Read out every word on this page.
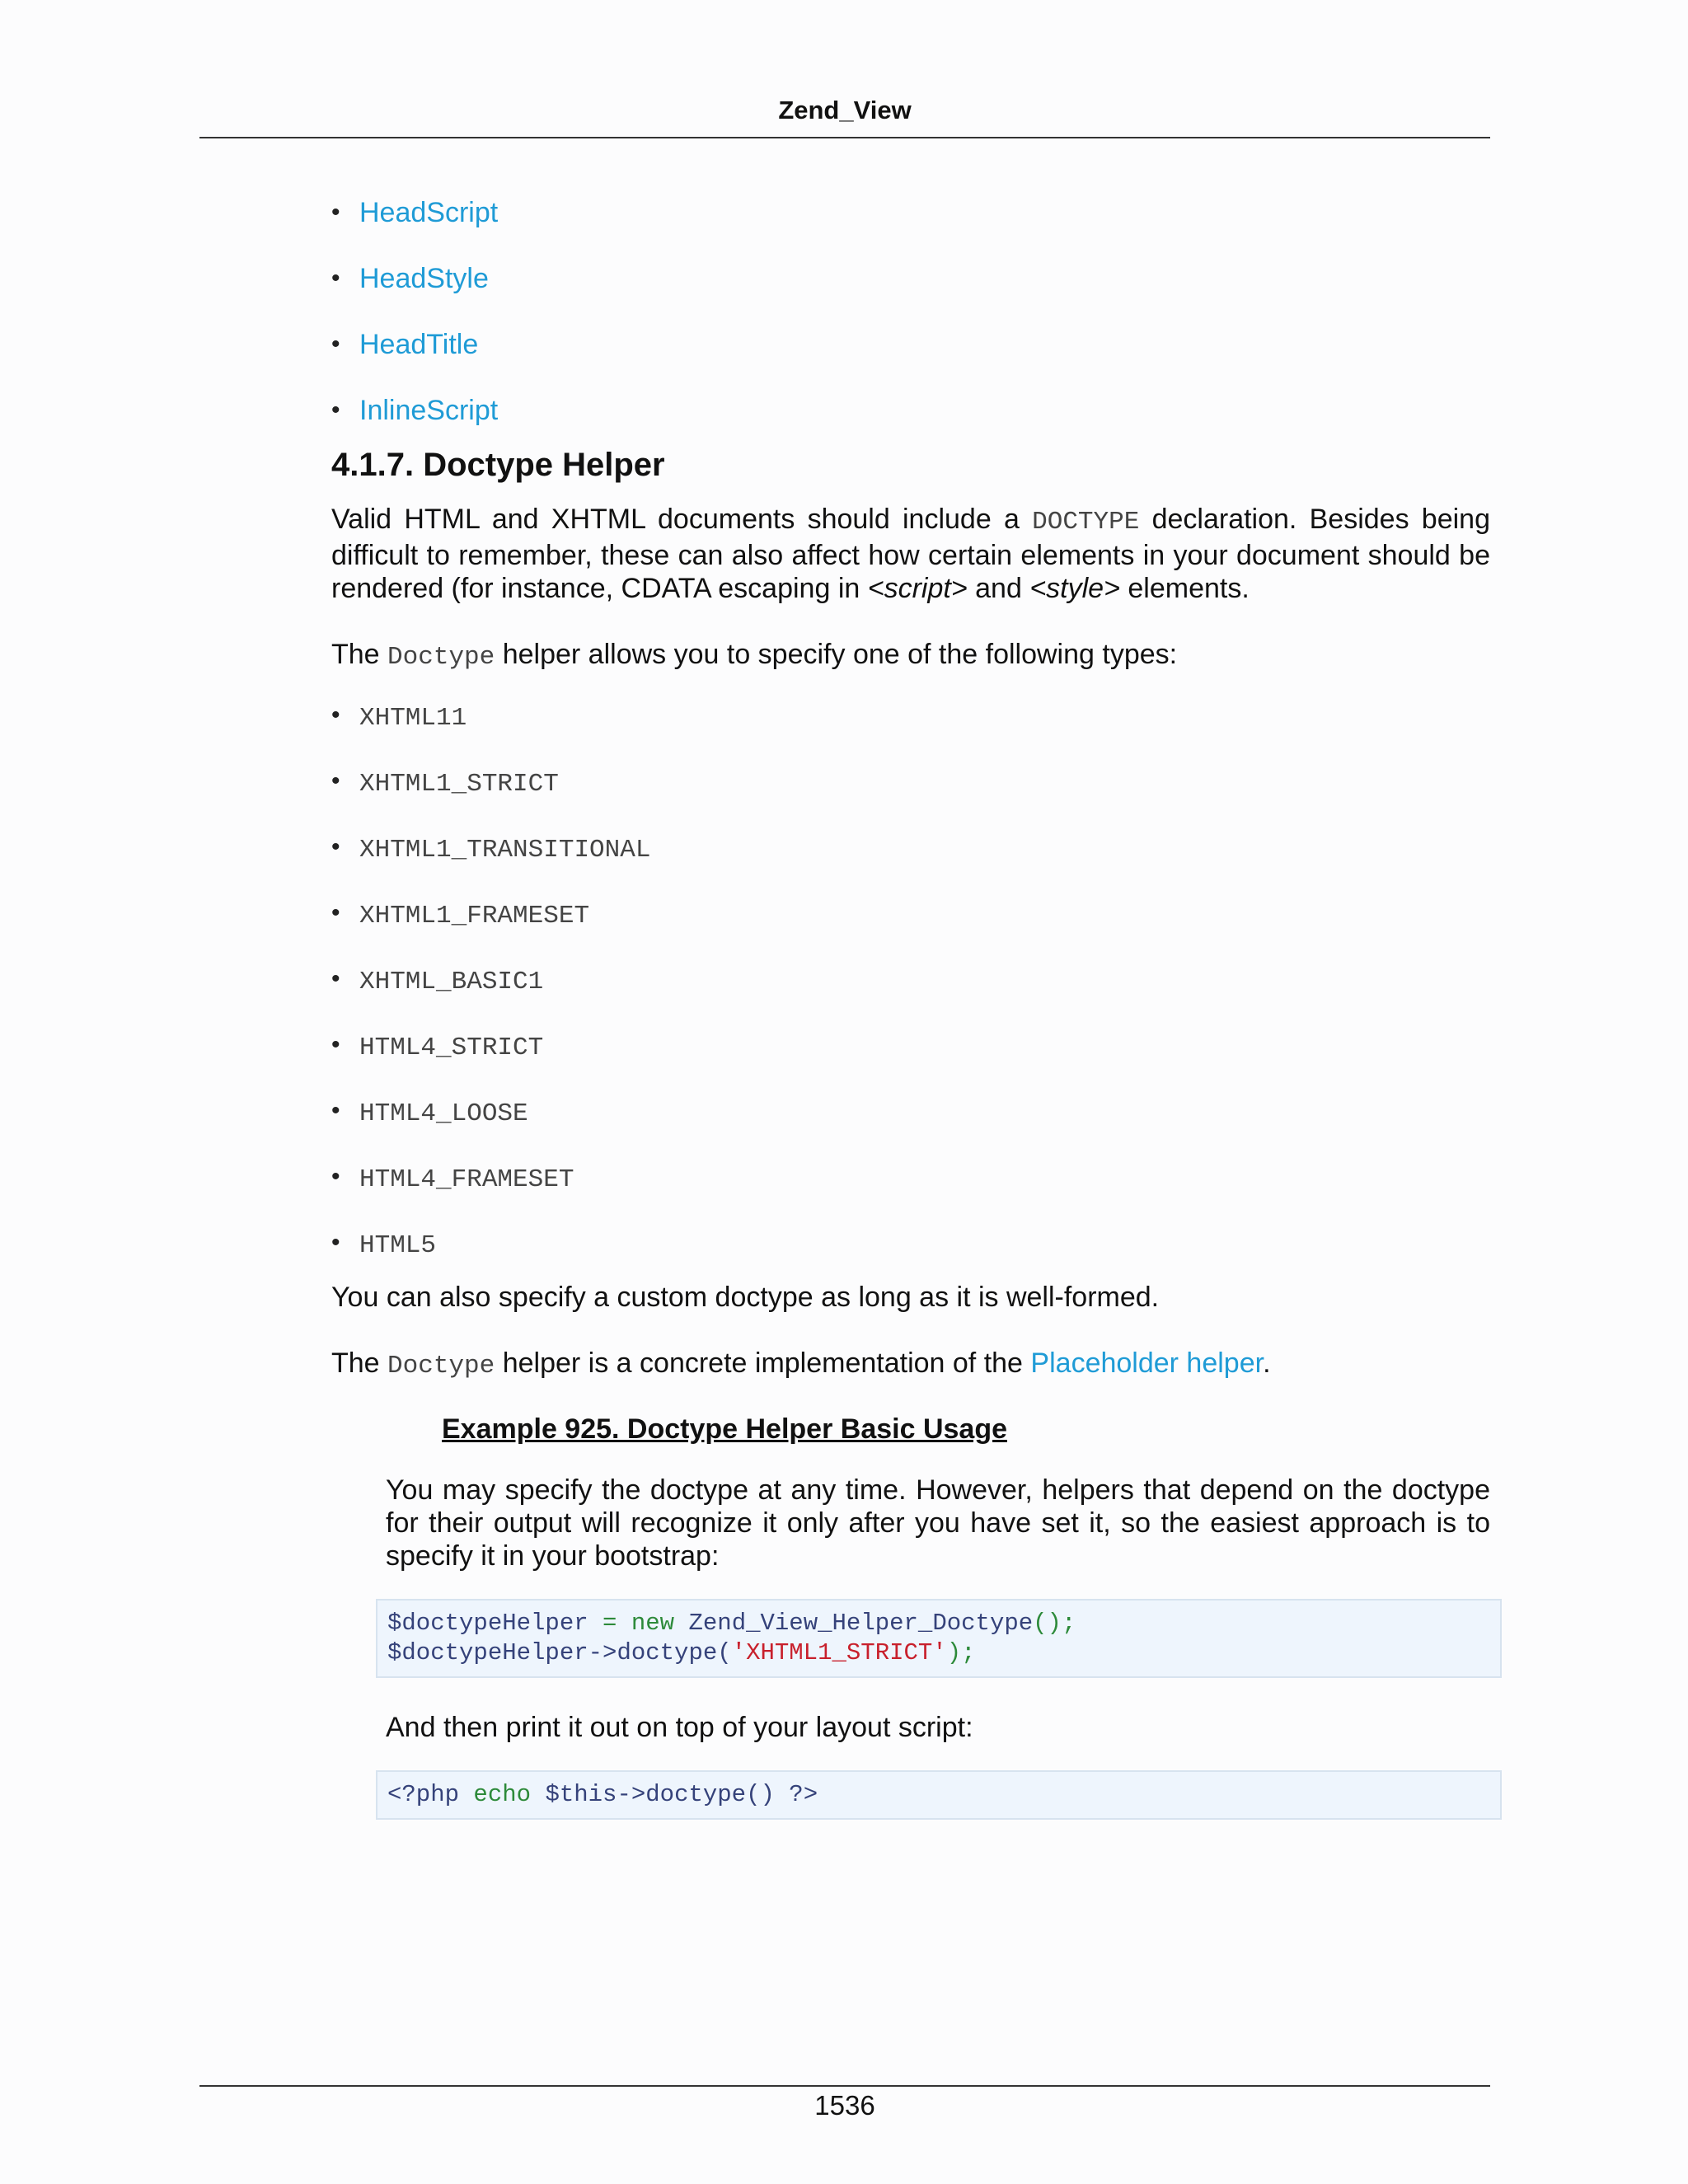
Zend_View
• HeadScript
• HeadStyle
• HeadTitle
• InlineScript
4.1.7. Doctype Helper

Valid HTML and XHTML documents should include a DOCTYPE declaration. Besides being difficult to remember, these can also affect how certain elements in your document should be rendered (for instance, CDATA escaping in <script> and <style> elements.

The Doctype helper allows you to specify one of the following types:

• XHTML11
• XHTML1_STRICT
• XHTML1_TRANSITIONAL
• XHTML1_FRAMESET
• XHTML_BASIC1
• HTML4_STRICT
• HTML4_LOOSE
• HTML4_FRAMESET
• HTML5

You can also specify a custom doctype as long as it is well-formed.

The Doctype helper is a concrete implementation of the Placeholder helper.

Example 925. Doctype Helper Basic Usage

You may specify the doctype at any time. However, helpers that depend on the doctype for their output will recognize it only after you have set it, so the easiest approach is to specify it in your bootstrap:

$doctypeHelper = new Zend_View_Helper_Doctype();
$doctypeHelper->doctype('XHTML1_STRICT');

And then print it out on top of your layout script:

<?php echo $this->doctype() ?>
1536
